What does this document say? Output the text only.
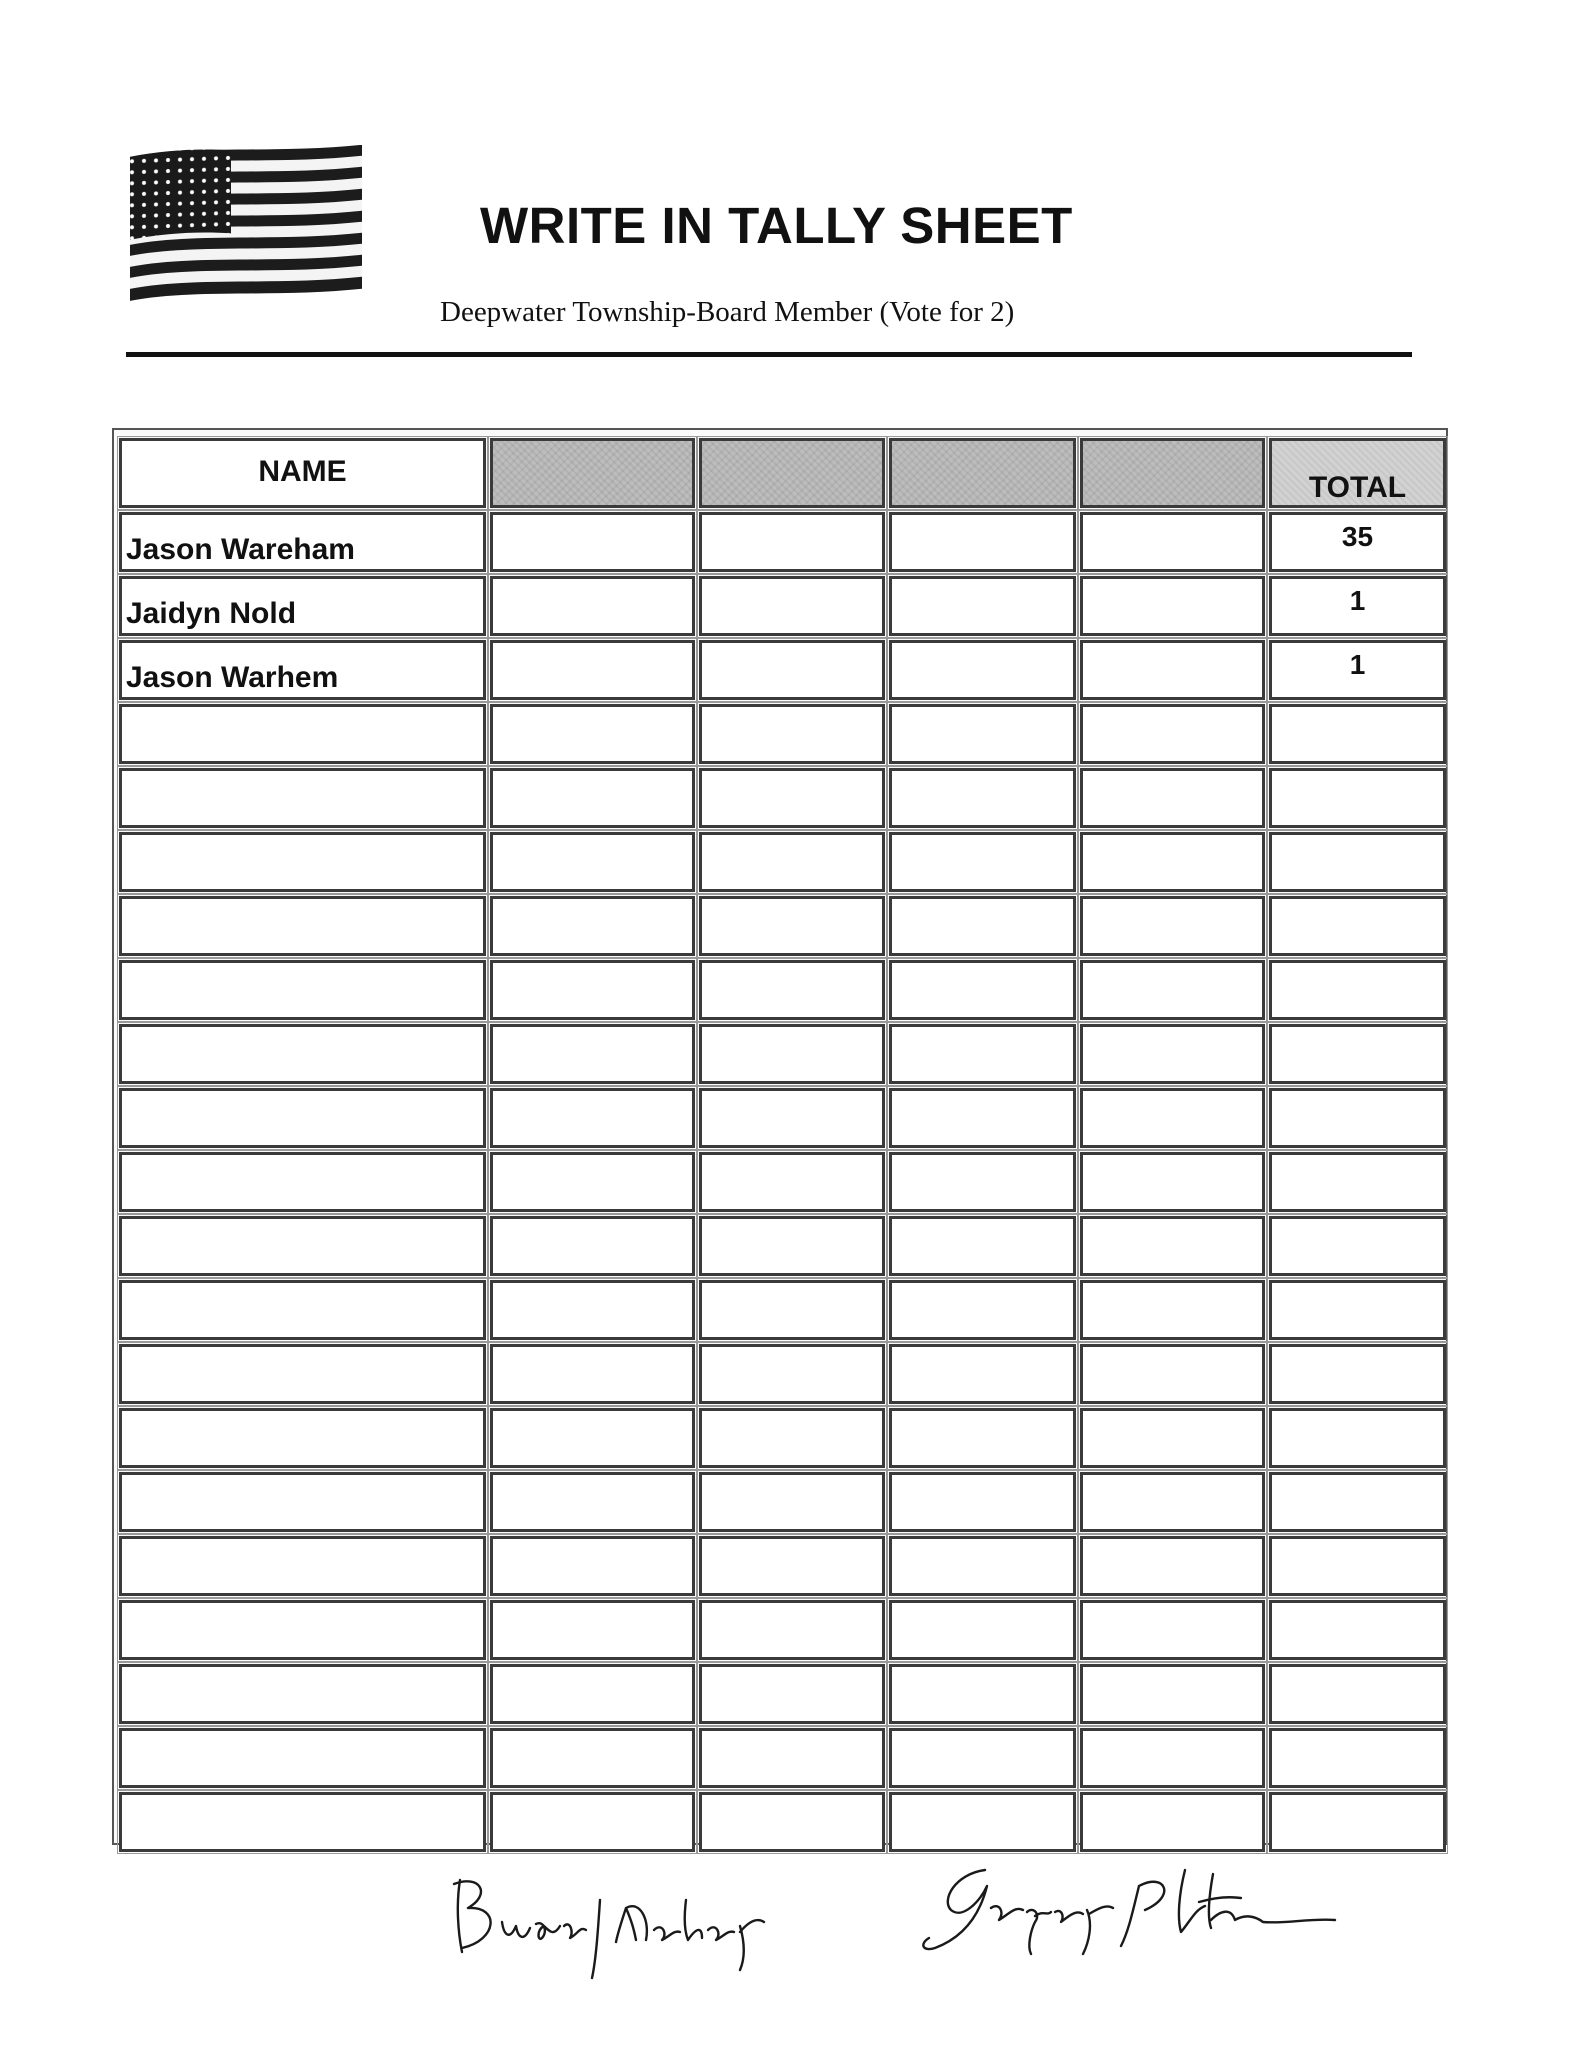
WRITE IN TALLY SHEET
Deepwater Township-Board Member (Vote for 2)
NAME	TOTAL
Jason Wareham	35
Jaidyn Nold	1
Jason Warhem	1
